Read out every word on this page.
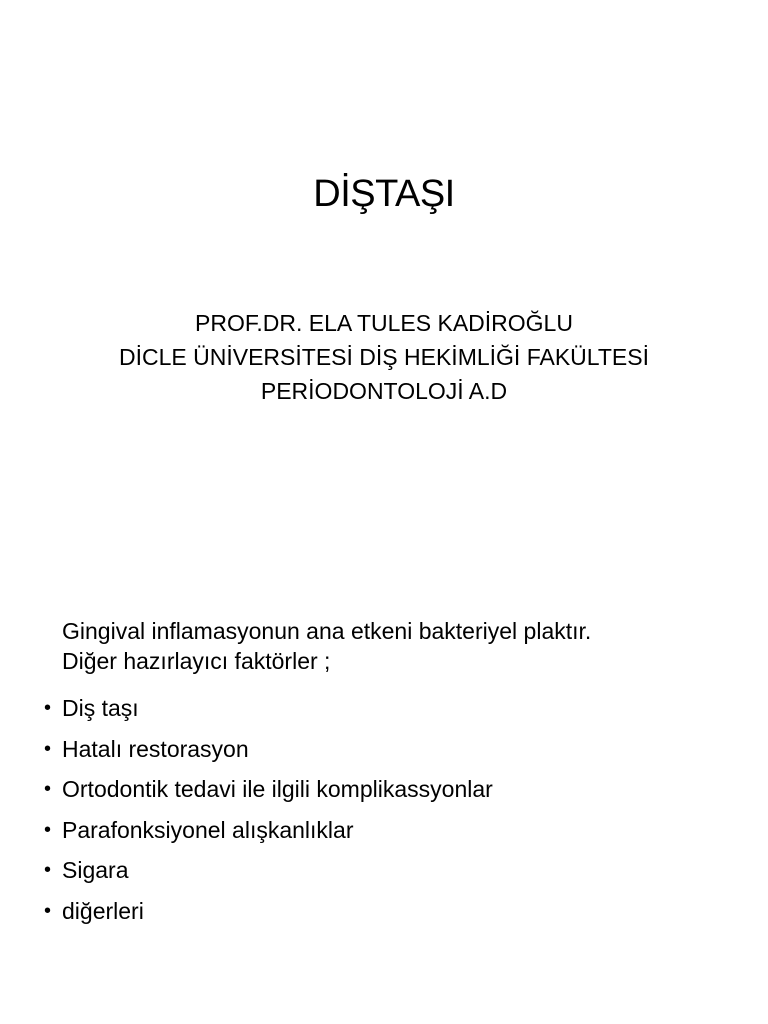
DİŞTAŞI
PROF.DR. ELA TULES KADİROĞLU
DİCLE ÜNİVERSİTESİ DİŞ HEKİMLİĞİ FAKÜLTESİ
PERİODONTOLOJİ A.D
Gingival inflamasyonun ana etkeni bakteriyel plaktır.
Diğer hazırlayıcı faktörler ;
• Diş taşı
• Hatalı restorasyon
• Ortodontik tedavi ile ilgili komplikassyonlar
• Parafonksiyonel alışkanlıklar
• Sigara
• diğerleri
